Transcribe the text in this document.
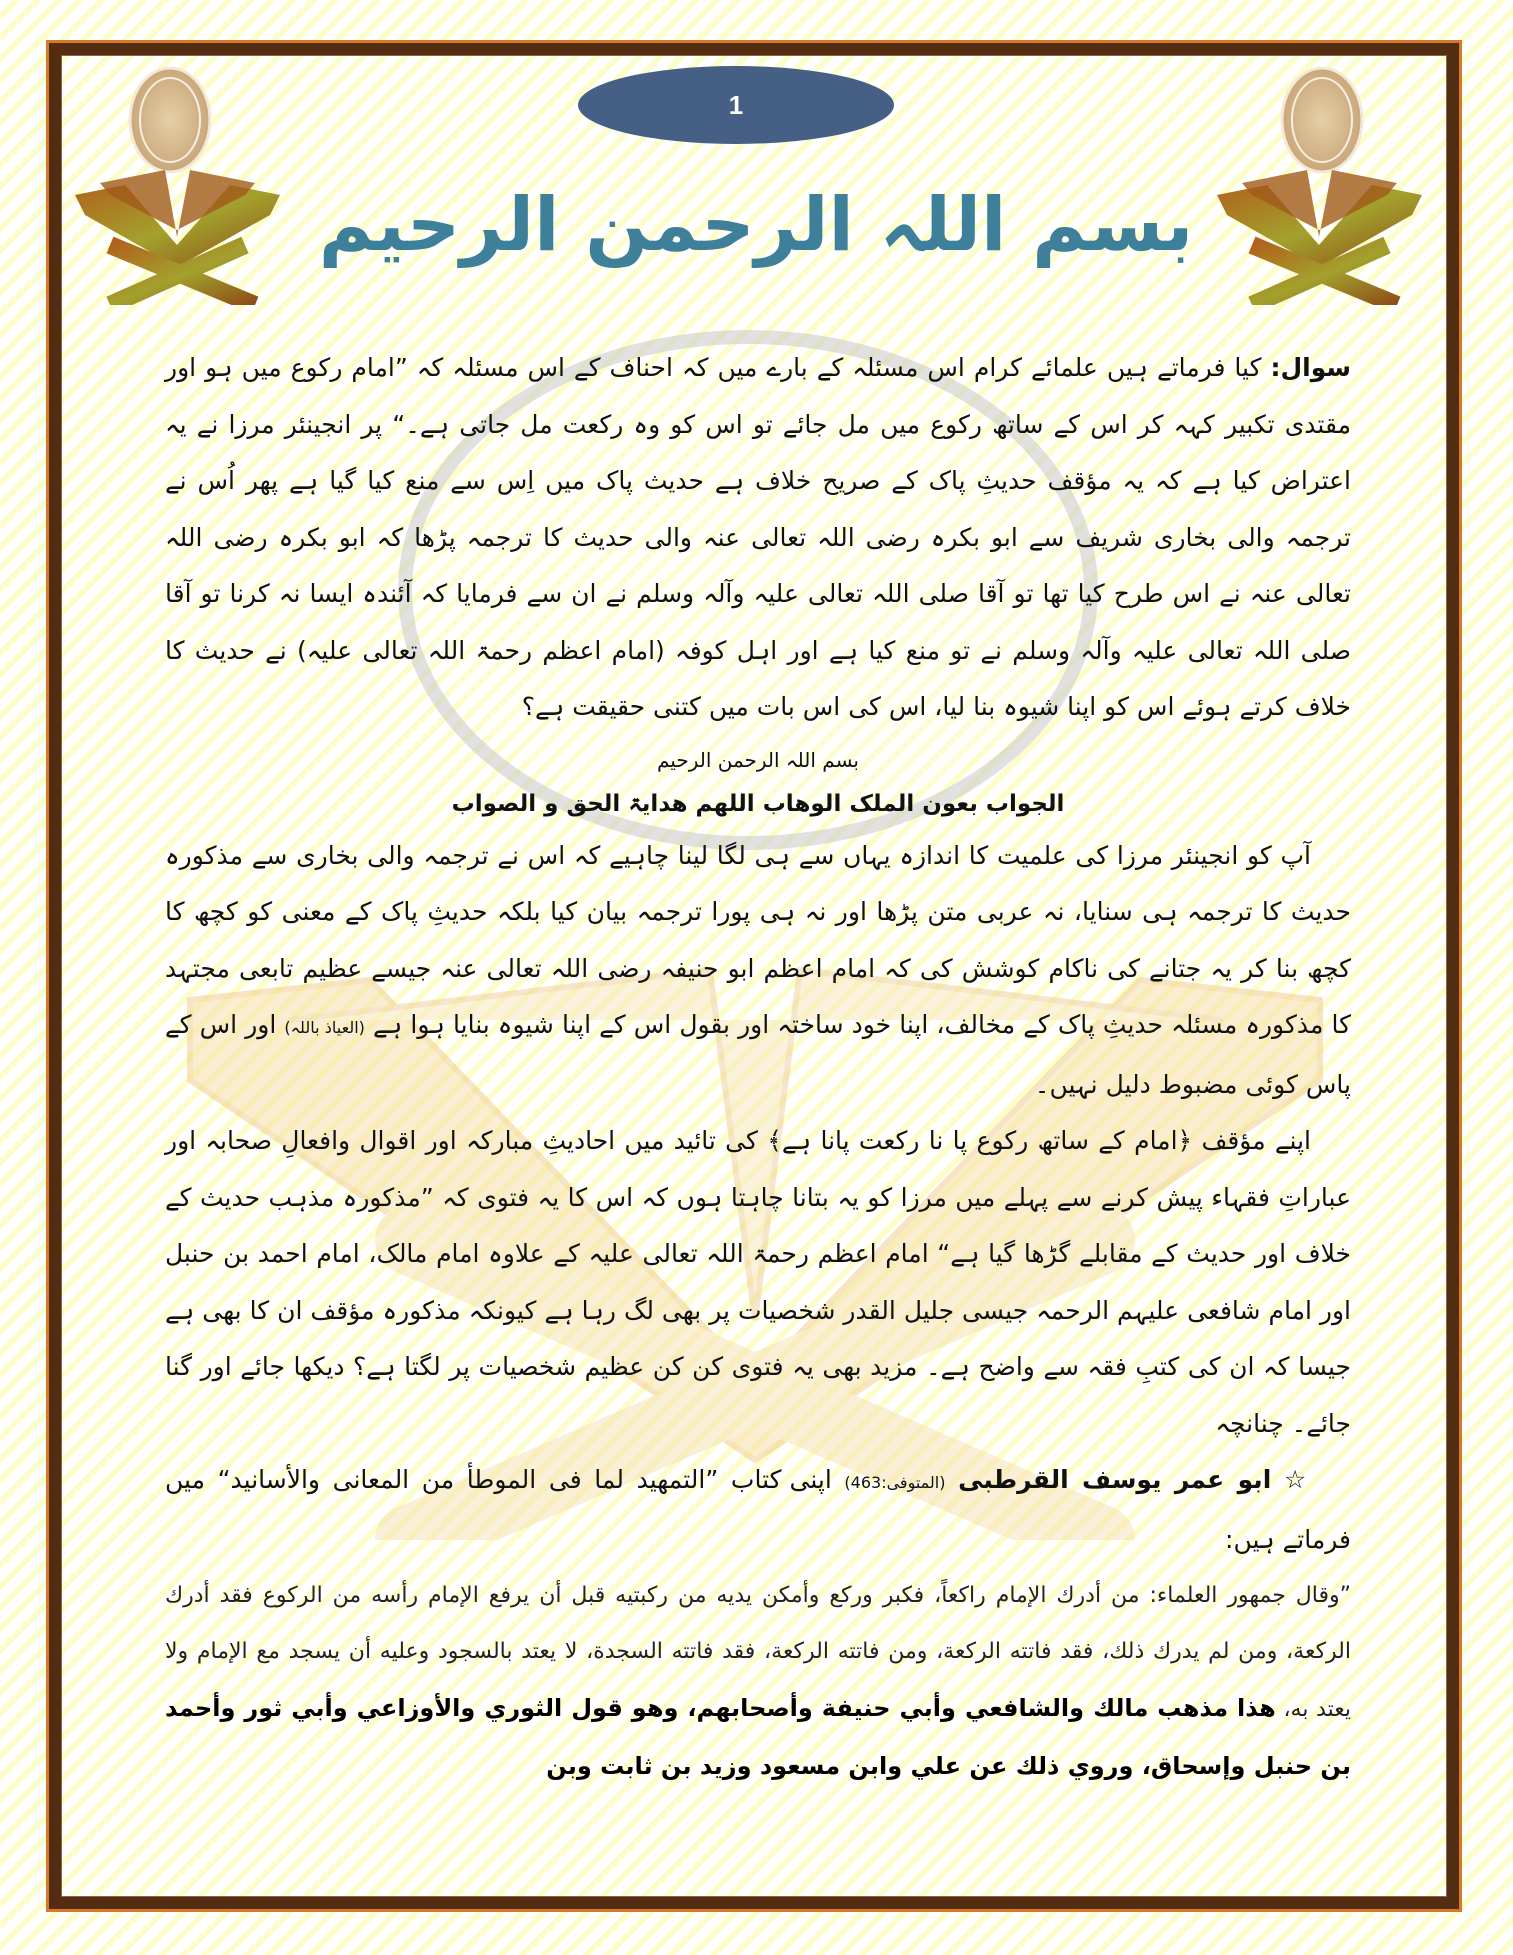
1
بسم اللہ الرحمن الرحیم

سوال: کیا فرماتے ہیں علمائے کرام اس مسئلہ کے بارے میں کہ احناف کے اس مسئلہ کہ ”امام رکوع میں ہو اور مقتدی تکبیر کہہ کر اس کے ساتھ رکوع میں مل جائے تو اس کو وہ رکعت مل جاتی ہے۔“ پر انجینئر مرزا نے یہ اعتراض کیا ہے کہ یہ مؤقف حدیثِ پاک کے صریح خلاف ہے حدیث پاک میں اِس سے منع کیا گیا ہے پھر اُس نے ترجمہ والی بخاری شریف سے ابو بکرہ رضی اللہ تعالی عنہ والی حدیث کا ترجمہ پڑھا کہ ابو بکرہ رضی اللہ تعالی عنہ نے اس طرح کیا تھا تو آقا صلی اللہ تعالی علیہ وآلہ وسلم نے ان سے فرمایا کہ آئندہ ایسا نہ کرنا تو آقا صلی اللہ تعالی علیہ وآلہ وسلم نے تو منع کیا ہے اور اہل کوفہ (امام اعظم رحمۃ اللہ تعالی علیہ) نے حدیث کا خلاف کرتے ہوئے اس کو اپنا شیوہ بنا لیا، اس کی اس بات میں کتنی حقیقت ہے؟

بسم اللہ الرحمن الرحیم

الجواب بعون الملک الوھاب اللھم ھدایۃ الحق و الصواب

آپ کو انجینئر مرزا کی علمیت کا اندازہ یہاں سے ہی لگا لینا چاہیے کہ اس نے ترجمہ والی بخاری سے مذکورہ حدیث کا ترجمہ ہی سنایا، نہ عربی متن پڑھا اور نہ ہی پورا ترجمہ بیان کیا بلکہ حدیثِ پاک کے معنی کو کچھ کا کچھ بنا کر یہ جتانے کی ناکام کوشش کی کہ امام اعظم ابو حنیفہ رضی اللہ تعالی عنہ جیسے عظیم تابعی مجتہد کا مذکورہ مسئلہ حدیثِ پاک کے مخالف، اپنا خود ساختہ اور بقول اس کے اپنا شیوہ بنایا ہوا ہے (العیاذ باللہ) اور اس کے پاس کوئی مضبوط دلیل نہیں۔

اپنے مؤقف ﴿امام کے ساتھ رکوع پا نا رکعت پانا ہے﴾ کی تائید میں احادیثِ مبارکہ اور اقوال وافعالِ صحابہ اور عباراتِ فقہاء پیش کرنے سے پہلے میں مرزا کو یہ بتانا چاہتا ہوں کہ اس کا یہ فتوی کہ ”مذکورہ مذہب حدیث کے خلاف اور حدیث کے مقابلے گڑھا گیا ہے“ امام اعظم رحمۃ اللہ تعالی علیہ کے علاوہ امام مالک، امام احمد بن حنبل اور امام شافعی علیہم الرحمہ جیسی جلیل القدر شخصیات پر بھی لگ رہا ہے کیونکہ مذکورہ مؤقف ان کا بھی ہے جیسا کہ ان کی کتبِ فقہ سے واضح ہے۔ مزید بھی یہ فتوی کن کن عظیم شخصیات پر لگتا ہے؟ دیکھا جائے اور گنا جائے۔ چنانچہ

☆ ابو عمر یوسف القرطبی (المتوفی:463) اپنی کتاب ”التمھید لما فی الموطأ من المعانی والأسانید“ میں فرماتے ہیں:

”وقال جمهور العلماء: من أدرك الإمام راكعاً، فكبر وركع وأمكن يديه من ركبتيه قبل أن يرفع الإمام رأسه من الركوع فقد أدرك الركعة، ومن لم يدرك ذلك، فقد فاتته الركعة، ومن فاتته الركعة، فقد فاتته السجدة، لا يعتد بالسجود وعليه أن يسجد مع الإمام ولا يعتد به، هذا مذهب مالك والشافعي وأبي حنيفة وأصحابهم، وهو قول الثوري والأوزاعي وأبي ثور وأحمد بن حنبل وإسحاق، وروي ذلك عن علي وابن مسعود وزيد بن ثابت وبن
